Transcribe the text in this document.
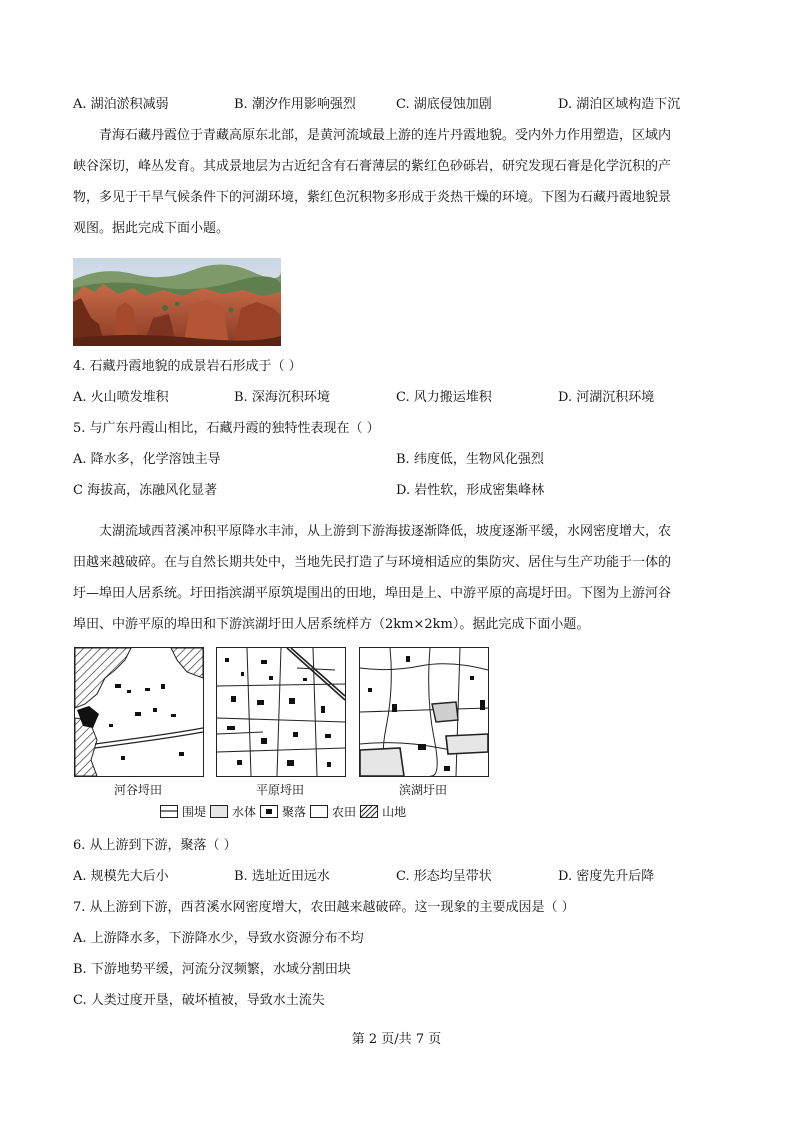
A. 湖泊淤积减弱	B. 潮汐作用影响强烈	C. 湖底侵蚀加剧	D. 湖泊区域构造下沉
青海石藏丹霞位于青藏高原东北部，是黄河流域最上游的连片丹霞地貌。受内外力作用塑造，区域内
峡谷深切，峰丛发育。其成景地层为古近纪含有石膏薄层的紫红色砂砾岩，研究发现石膏是化学沉积的产
物，多见于干旱气候条件下的河湖环境，紫红色沉积物多形成于炎热干燥的环境。下图为石藏丹霞地貌景
观图。据此完成下面小题。
4. 石藏丹霞地貌的成景岩石形成于（ ）
A. 火山喷发堆积	B. 深海沉积环境	C. 风力搬运堆积	D. 河湖沉积环境
5. 与广东丹霞山相比，石藏丹霞的独特性表现在（ ）
A. 降水多，化学溶蚀主导	B. 纬度低，生物风化强烈
C 海拔高，冻融风化显著	D. 岩性软，形成密集峰林
太湖流域西苕溪冲积平原降水丰沛，从上游到下游海拔逐渐降低，坡度逐渐平缓，水网密度增大，农
田越来越破碎。在与自然长期共处中，当地先民打造了与环境相适应的集防灾、居住与生产功能于一体的
圩—埠田人居系统。圩田指滨湖平原筑堤围出的田地，埠田是上、中游平原的高堤圩田。下图为上游河谷
埠田、中游平原的埠田和下游滨湖圩田人居系统样方（2km×2km）。据此完成下面小题。
河谷埒田	平原埒田	滨湖圩田
围堤 水体 聚落 农田 山地
6. 从上游到下游，聚落（ ）
A. 规模先大后小	B. 选址近田远水	C. 形态均呈带状	D. 密度先升后降
7. 从上游到下游，西苕溪水网密度增大，农田越来越破碎。这一现象的主要成因是（ ）
A. 上游降水多，下游降水少，导致水资源分布不均
B. 下游地势平缓，河流分汊频繁，水域分割田块
C. 人类过度开垦，破坏植被，导致水土流失
第 2 页/共 7 页
